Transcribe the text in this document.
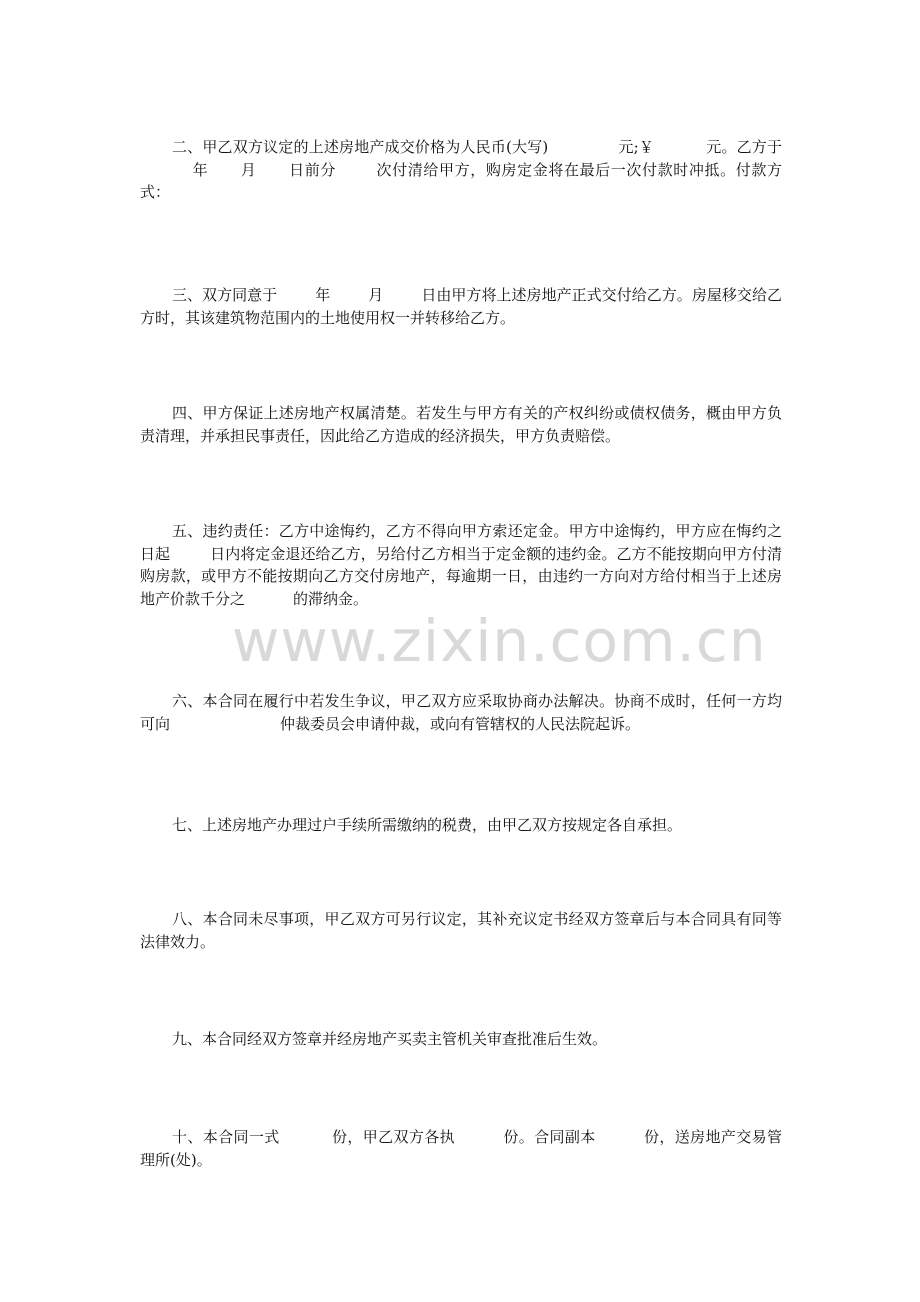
二、甲乙双方议定的上述房地产成交价格为人民币(大写)	元;￥	元。乙方于年 月 日前分	次付清给甲方，购房定金将在最后一次付款时冲抵。付款方式：

三、双方同意于	年	月	日由甲方将上述房地产正式交付给乙方。房屋移交给乙方时，其该建筑物范围内的土地使用权一并转移给乙方。

四、甲方保证上述房地产权属清楚。若发生与甲方有关的产权纠纷或债权债务，概由甲方负责清理，并承担民事责任，因此给乙方造成的经济损失，甲方负责赔偿。

五、违约责任：乙方中途悔约，乙方不得向甲方索还定金。甲方中途悔约，甲方应在悔约之日起	日内将定金退还给乙方，另给付乙方相当于定金额的违约金。乙方不能按期向甲方付清购房款，或甲方不能按期向乙方交付房地产，每逾期一日，由违约一方向对方给付相当于上述房地产价款千分之	的滞纳金。

六、本合同在履行中若发生争议，甲乙双方应采取协商办法解决。协商不成时，任何一方均可向	仲裁委员会申请仲裁，或向有管辖权的人民法院起诉。

七、上述房地产办理过户手续所需缴纳的税费，由甲乙双方按规定各自承担。

八、本合同未尽事项，甲乙双方可另行议定，其补充议定书经双方签章后与本合同具有同等法律效力。

九、本合同经双方签章并经房地产买卖主管机关审查批准后生效。

十、本合同一式	份，甲乙双方各执	份。合同副本	份，送房地产交易管理所(处)。

www.zixin.com.cn
